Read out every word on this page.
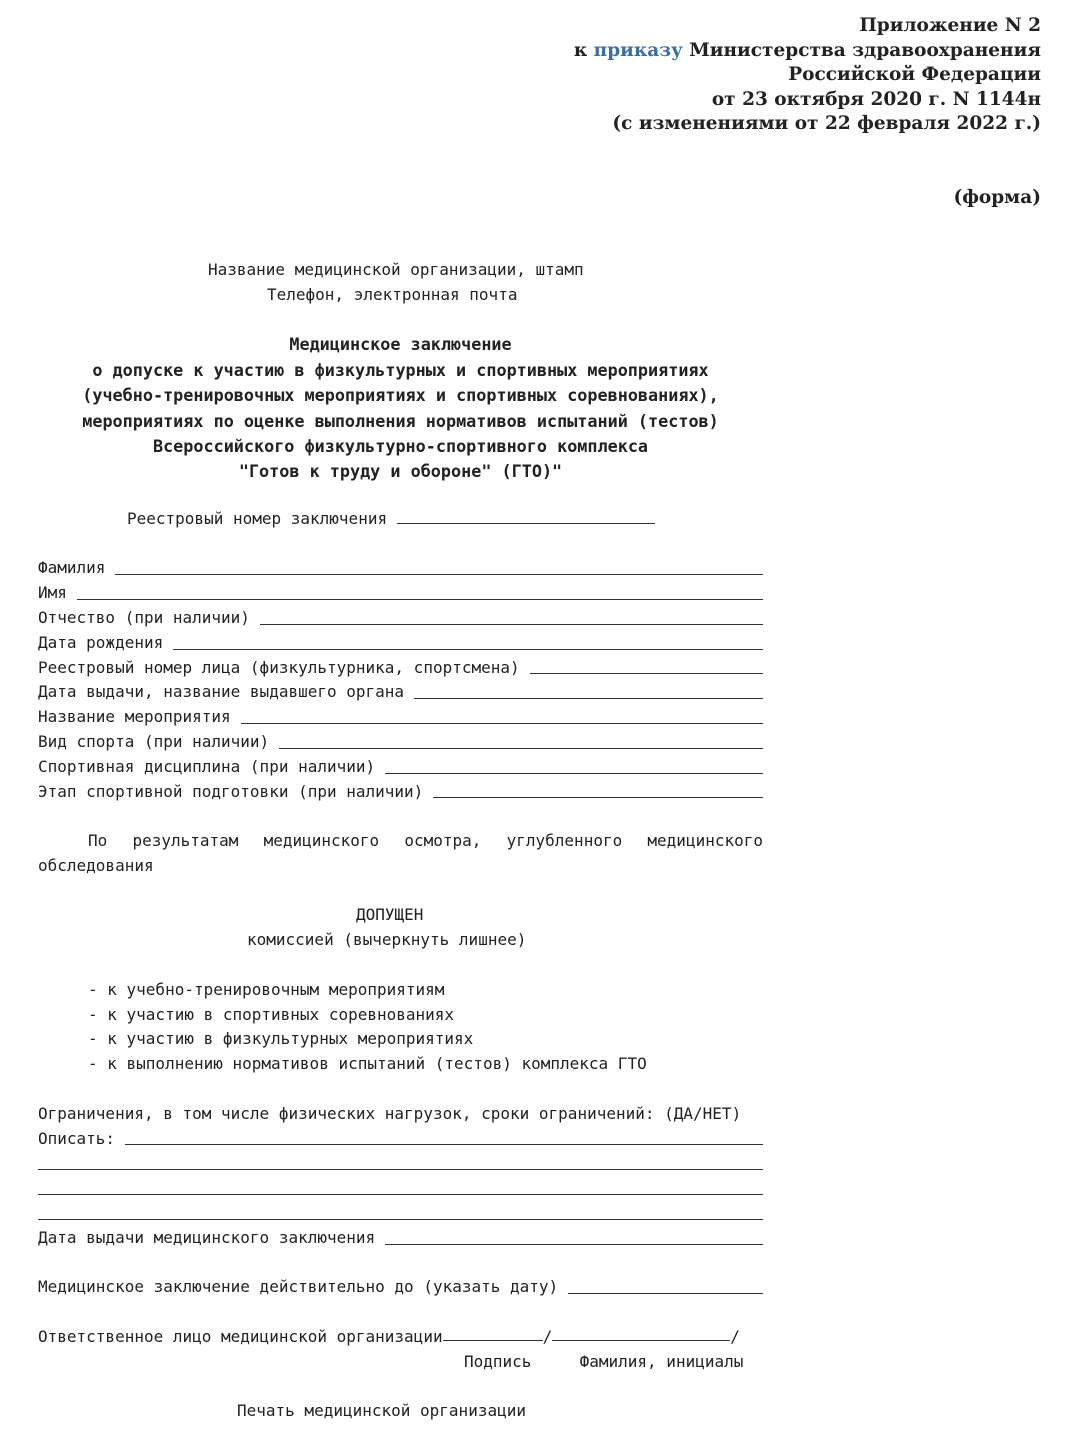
Приложение N 2
к приказу Министерства здравоохранения
Российской Федерации
от 23 октября 2020 г. N 1144н
(с изменениями от 22 февраля 2022 г.)
(форма)
Название медицинской организации, штамп
Телефон, электронная почта
Медицинское заключение
о допуске к участию в физкультурных и спортивных мероприятиях
(учебно-тренировочных мероприятиях и спортивных соревнованиях),
мероприятиях по оценке выполнения нормативов испытаний (тестов)
Всероссийского физкультурно-спортивного комплекса
"Готов к труду и обороне" (ГТО)"
Реестровый номер заключения
Фамилия
Имя
Отчество (при наличии)
Дата рождения
Реестровый номер лица (физкультурника, спортсмена)
Дата выдачи, название выдавшего органа
Название мероприятия
Вид спорта (при наличии)
Спортивная дисциплина (при наличии)
Этап спортивной подготовки (при наличии)
По результатам медицинского осмотра, углубленного медицинского
обследования
ДОПУЩЕН
комиссией (вычеркнуть лишнее)
- к учебно-тренировочным мероприятиям
- к участию в спортивных соревнованиях
- к участию в физкультурных мероприятиях
- к выполнению нормативов испытаний (тестов) комплекса ГТО
Ограничения, в том числе физических нагрузок, сроки ограничений: (ДА/НЕТ)
Описать:
Дата выдачи медицинского заключения
Медицинское заключение действительно до (указать дату)
Ответственное лицо медицинской организации	/	/
Подпись	Фамилия, инициалы
Печать медицинской организации
